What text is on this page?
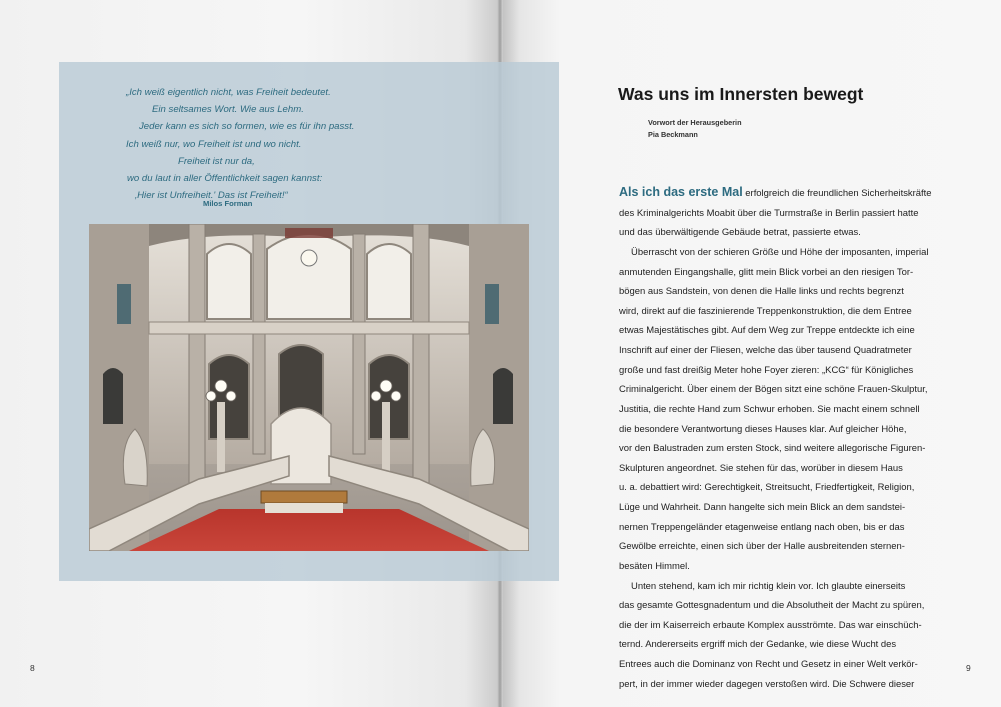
„Ich weiß eigentlich nicht, was Freiheit bedeutet.
Ein seltsames Wort. Wie aus Lehm.
Jeder kann es sich so formen, wie es für ihn passt.
Ich weiß nur, wo Freiheit ist und wo nicht.
Freiheit ist nur da,
wo du laut in aller Öffentlichkeit sagen kannst:
‚Hier ist Unfreiheit.' Das ist Freiheit!“
Milos Forman
8
Was uns im Innersten bewegt
Vorwort der Herausgeberin
Pia Beckmann
Als ich das erste Mal erfolgreich die freundlichen Sicherheitskräfte
des Kriminalgerichts Moabit über die Turmstraße in Berlin passiert hatte
und das überwältigende Gebäude betrat, passierte etwas.
Überrascht von der schieren Größe und Höhe der imposanten, imperial
anmutenden Eingangshalle, glitt mein Blick vorbei an den riesigen Tor-
bögen aus Sandstein, von denen die Halle links und rechts begrenzt
wird, direkt auf die faszinierende Treppenkonstruktion, die dem Entree
etwas Majestätisches gibt. Auf dem Weg zur Treppe entdeckte ich eine
Inschrift auf einer der Fliesen, welche das über tausend Quadratmeter
große und fast dreißig Meter hohe Foyer zieren: „KCG“ für Königliches
Criminalgericht. Über einem der Bögen sitzt eine schöne Frauen-Skulptur,
Justitia, die rechte Hand zum Schwur erhoben. Sie macht einem schnell
die besondere Verantwortung dieses Hauses klar. Auf gleicher Höhe,
vor den Balustraden zum ersten Stock, sind weitere allegorische Figuren-
Skulpturen angeordnet. Sie stehen für das, worüber in diesem Haus
u. a. debattiert wird: Gerechtigkeit, Streitsucht, Friedfertigkeit, Religion,
Lüge und Wahrheit. Dann hangelte sich mein Blick an dem sandstei-
nernen Treppengeländer etagenweise entlang nach oben, bis er das
Gewölbe erreichte, einen sich über der Halle ausbreitenden sternen-
besäten Himmel.
Unten stehend, kam ich mir richtig klein vor. Ich glaubte einerseits
das gesamte Gottesgnadentum und die Absolutheit der Macht zu spüren,
die der im Kaiserreich erbaute Komplex ausströmte. Das war einschüch-
ternd. Andererseits ergriff mich der Gedanke, wie diese Wucht des
Entrees auch die Dominanz von Recht und Gesetz in einer Welt verkör-
pert, in der immer wieder dagegen verstoßen wird. Die Schwere dieser
9
